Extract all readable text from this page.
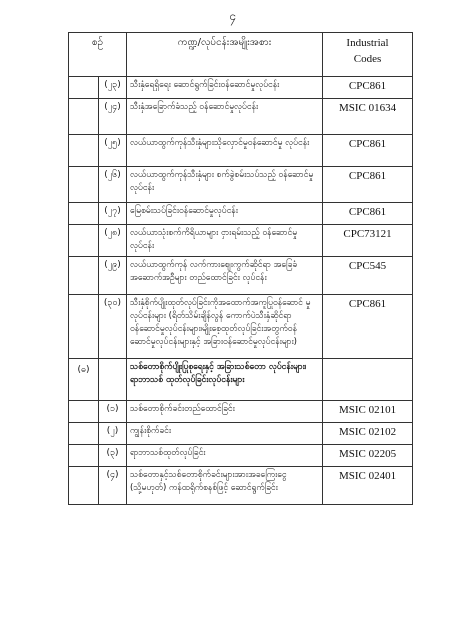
၄
စဉ်		ကဏ္ဍ/လုပ်ငန်းအမျိုးအစား	Industrial
Codes

	(၂၃)	သီးနှံရေရှိရေး ဆောင်ရွက်ခြင်းဝန်ဆောင်မှုလုပ်ငန်း	CPC861
	(၂၄)	သီးနှံအခြောက်ခံသည့် ဝန်ဆောင်မှုလုပ်ငန်း	MSIC 01634
	(၂၅)	လယ်ယာထွက်ကုန်သီးနှံများသိုလှောင်မှုဝန်ဆောင်မှု လုပ်ငန်း	CPC861
	(၂၆)	လယ်ယာထွက်ကုန်သီးနှံများ စက်ခွဲစမ်းသပ်သည့် ဝန်ဆောင်မှုလုပ်ငန်း	CPC861
	(၂၇)	မြေစမ်းသပ်ခြင်းဝန်ဆောင်မှုလုပ်ငန်း	CPC861
	(၂၈)	လယ်ယာသုံးစက်ကိရိယာများ ငှားရမ်းသည့် ဝန်ဆောင်မှု လုပ်ငန်း	CPC73121
	(၂၉)	လယ်ယာထွက်ကုန် လက်ကားဈေးကွက်ဆိုင်ရာ အခြေခံ အဆောက်အဦများ တည်ထောင်ခြင်း လုပ်ငန်း	CPC545
	(၃၀)	သီးနှံစိုက်ပျိုးထုတ်လုပ်ခြင်းကိုအထောက်အကူပြုဝန်ဆောင် မှုလုပ်ငန်းများ (ရိတ်သိမ်းချိန်လွန် ကောက်ပဲသီးနှံဆိုင်ရာ ဝန်ဆောင်မှုလုပ်ငန်းများ၊မျိုးစေ့ထုတ်လုပ်ခြင်းအတွက်ဝန် ဆောင်မှုလုပ်ငန်းများနှင့် အခြားဝန်ဆောင်မှုလုပ်ငန်းများ)	CPC861
(ဓ)		သစ်တောစိုက်ပျိုးပြုစုရေးနှင့် အခြားသစ်တော လုပ်ငန်းများ၊ ရာဘာသစ် ထုတ်လုပ်ခြင်းလုပ်ငန်းများ	
	(၁)	သစ်တောစိုက်ခင်းတည်ထောင်ခြင်း	MSIC 02101
	(၂)	ကျွန်းစိုက်ခင်း	MSIC 02102
	(၃)	ရာဘာသစ်ထုတ်လုပ်ခြင်း	MSIC 02205
	(၄)	သစ်တောနှင့်သစ်တောစိုက်ခင်းများအားအခကြေးငွေ (သို့မဟုတ်) ကန်ထရိုက်စနစ်ဖြင့် ဆောင်ရွက်ခြင်း	MSIC 02401
